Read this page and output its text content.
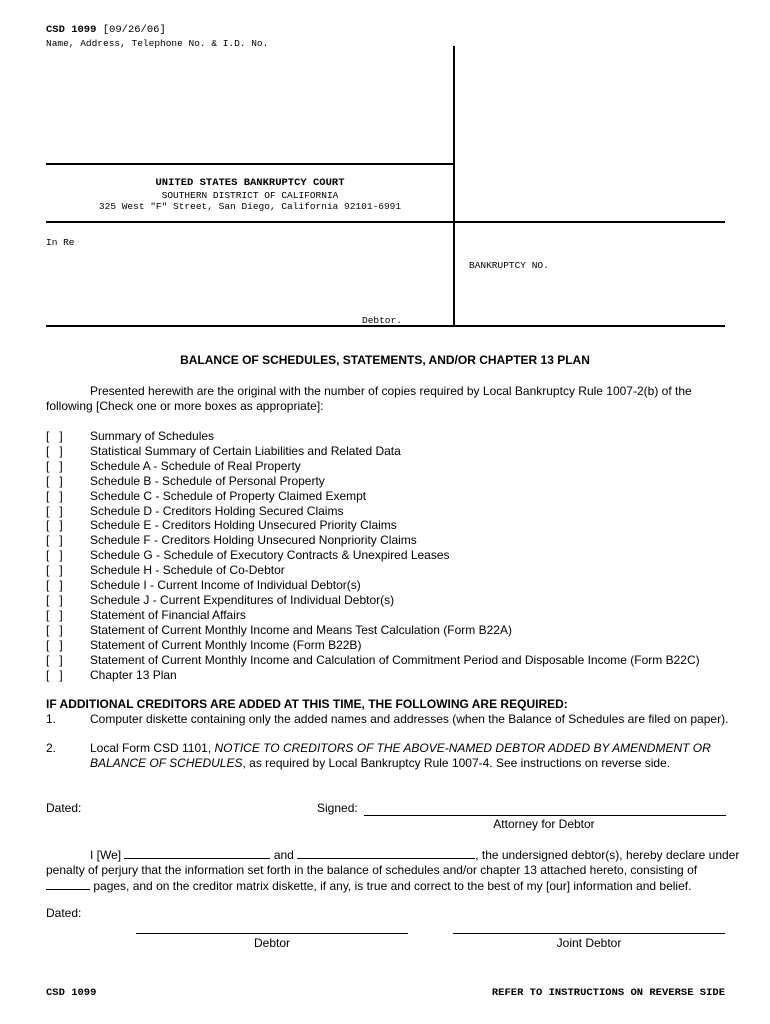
CSD 1099 [09/26/06]
Name, Address, Telephone No. & I.D. No.
UNITED STATES BANKRUPTCY COURT
SOUTHERN DISTRICT OF CALIFORNIA
325 West "F" Street, San Diego, California 92101-6991
In Re
BANKRUPTCY NO.
Debtor.
BALANCE OF SCHEDULES, STATEMENTS, AND/OR CHAPTER 13 PLAN
Presented herewith are the original with the number of copies required by Local Bankruptcy Rule 1007-2(b) of the
following [Check one or more boxes as appropriate]:
[   ]	Summary of Schedules
[   ]	Statistical Summary of Certain Liabilities and Related Data
[   ]	Schedule A - Schedule of Real Property
[   ]	Schedule B - Schedule of Personal Property
[   ]	Schedule C - Schedule of Property Claimed Exempt
[   ]	Schedule D - Creditors Holding Secured Claims
[   ]	Schedule E - Creditors Holding Unsecured Priority Claims
[   ]	Schedule F - Creditors Holding Unsecured Nonpriority Claims
[   ]	Schedule G - Schedule of Executory Contracts & Unexpired Leases
[   ]	Schedule H - Schedule of Co-Debtor
[   ]	Schedule I - Current Income of Individual Debtor(s)
[   ]	Schedule J - Current Expenditures of Individual Debtor(s)
[   ]	Statement of Financial Affairs
[   ]	Statement of Current Monthly Income and Means Test Calculation (Form B22A)
[   ]	Statement of Current Monthly Income (Form B22B)
[   ]	Statement of Current Monthly Income and Calculation of Commitment Period and Disposable Income (Form B22C)
[   ]	Chapter 13 Plan
IF ADDITIONAL CREDITORS ARE ADDED AT THIS TIME, THE FOLLOWING ARE REQUIRED:
1.	Computer diskette containing only the added names and addresses (when the Balance of Schedules are filed on paper).
2.	Local Form CSD 1101, NOTICE TO CREDITORS OF THE ABOVE-NAMED DEBTOR ADDED BY AMENDMENT OR BALANCE OF SCHEDULES, as required by Local Bankruptcy Rule 1007-4. See instructions on reverse side.
Dated:	Signed:
Attorney for Debtor
I [We]	and	, the undersigned debtor(s), hereby declare under
penalty of perjury that the information set forth in the balance of schedules and/or chapter 13 attached hereto, consisting of
pages, and on the creditor matrix diskette, if any, is true and correct to the best of my [our] information and belief.
Dated:
Debtor	Joint Debtor
CSD 1099	REFER TO INSTRUCTIONS ON REVERSE SIDE
